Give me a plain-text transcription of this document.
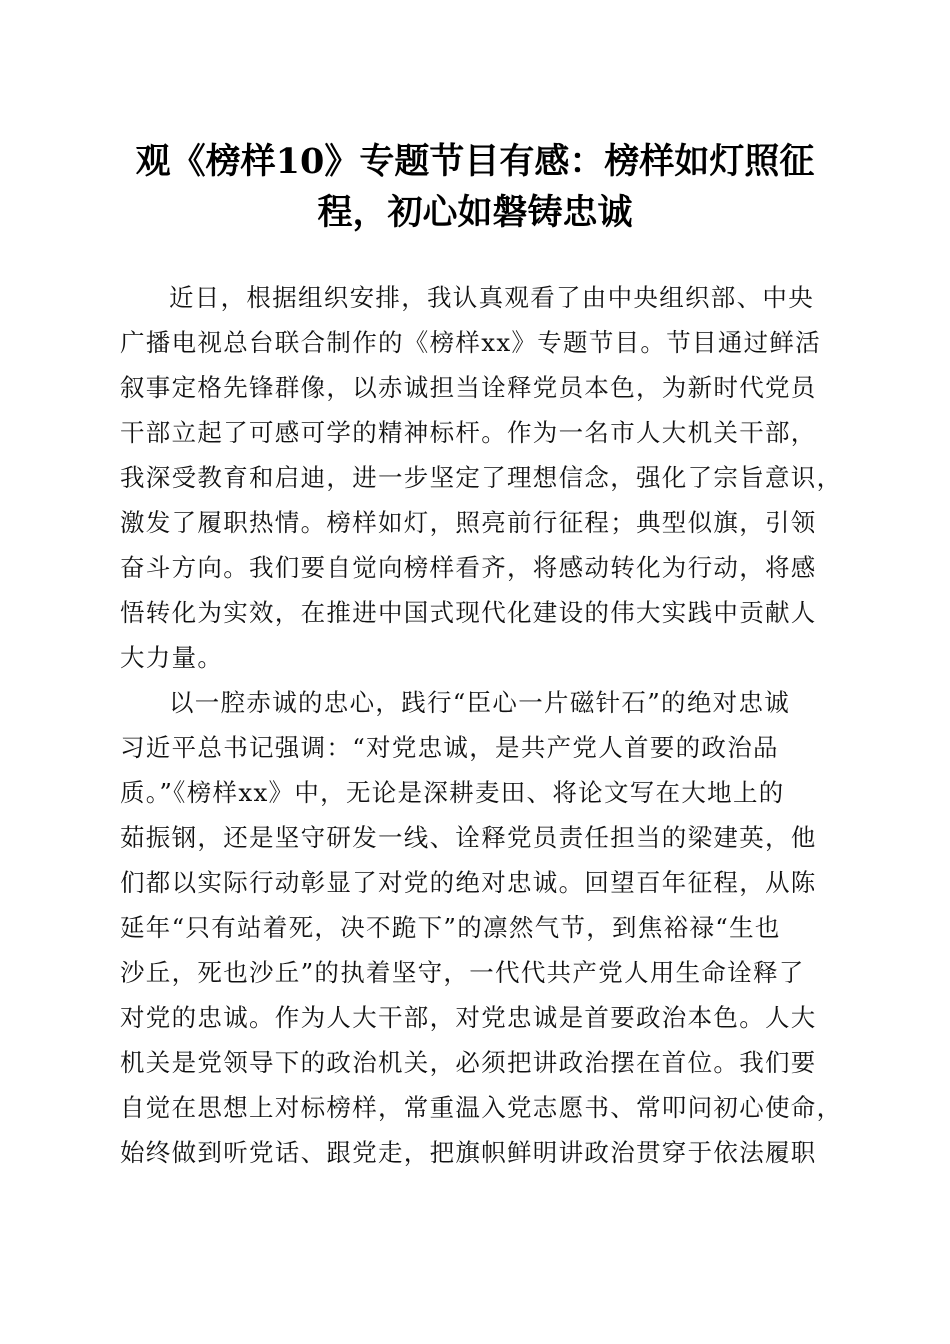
观《榜样10》专题节目有感：榜样如灯照征
程，初心如磐铸忠诚
近日，根据组织安排，我认真观看了由中央组织部、中央
广播电视总台联合制作的《榜样xx》专题节目。节目通过鲜活
叙事定格先锋群像，以赤诚担当诠释党员本色，为新时代党员
干部立起了可感可学的精神标杆。作为一名市人大机关干部，
我深受教育和启迪，进一步坚定了理想信念，强化了宗旨意识，
激发了履职热情。榜样如灯，照亮前行征程；典型似旗，引领
奋斗方向。我们要自觉向榜样看齐，将感动转化为行动，将感
悟转化为实效，在推进中国式现代化建设的伟大实践中贡献人
大力量。
以一腔赤诚的忠心，践行“臣心一片磁针石”的绝对忠诚
习近平总书记强调：“对党忠诚，是共产党人首要的政治品
质。”《榜样xx》中，无论是深耕麦田、将论文写在大地上的
茹振钢，还是坚守研发一线、诠释党员责任担当的梁建英，他
们都以实际行动彰显了对党的绝对忠诚。回望百年征程，从陈
延年“只有站着死，决不跪下”的凛然气节，到焦裕禄“生也
沙丘，死也沙丘”的执着坚守，一代代共产党人用生命诠释了
对党的忠诚。作为人大干部，对党忠诚是首要政治本色。人大
机关是党领导下的政治机关，必须把讲政治摆在首位。我们要
自觉在思想上对标榜样，常重温入党志愿书、常叩问初心使命，
始终做到听党话、跟党走，把旗帜鲜明讲政治贯穿于依法履职
